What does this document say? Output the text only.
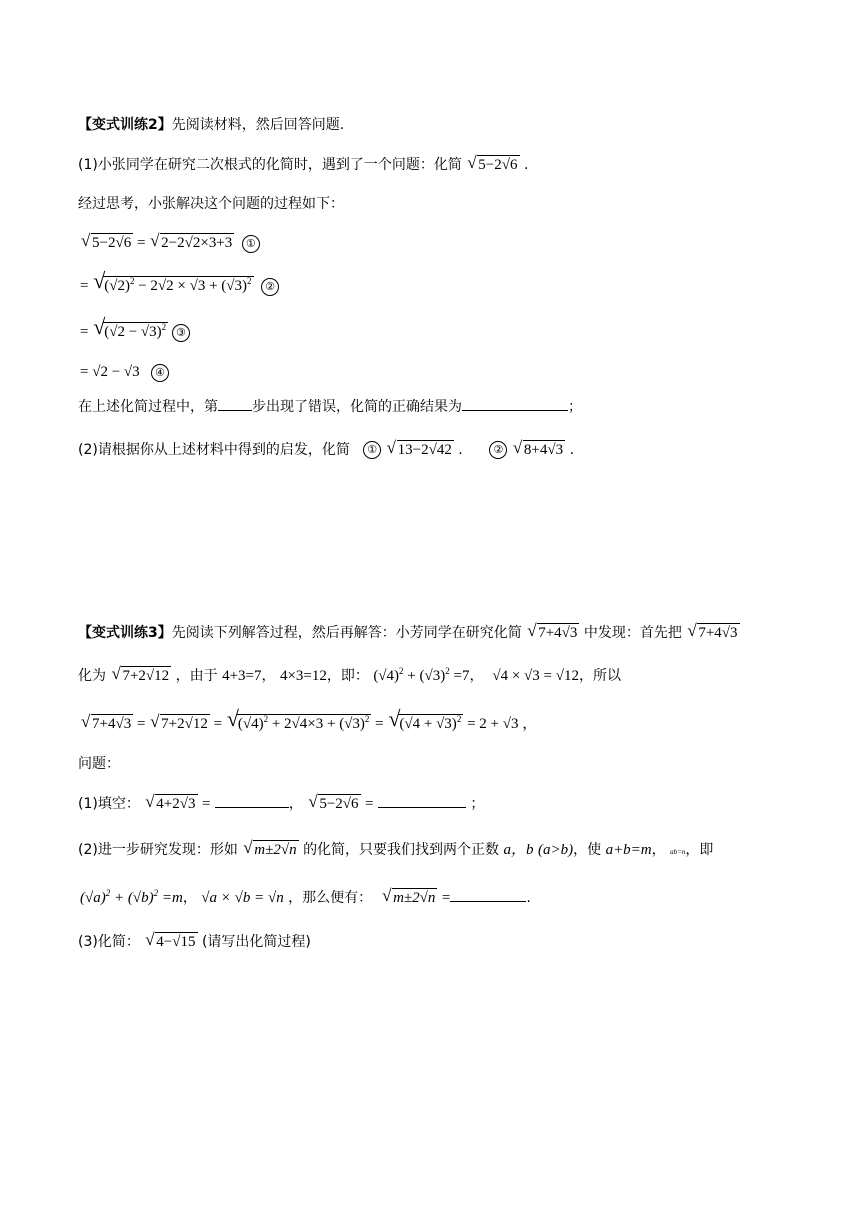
【变式训练2】先阅读材料，然后回答问题.
(1)小张同学在研究二次根式的化简时，遇到了一个问题：化简 √ 5−2√6 .
经过思考，小张解决这个问题的过程如下：
√ 5−2√6 = √ 2−2√2×3+3 ①
= √ $(√2)^2 - 2√2 \times √3 + (√3)^2$ ②
= √ $(√2 - √3)^2$ ③
= √2 − √3 ④
在上述化简过程中，第 步出现了错误，化简的正确结果为	；
(2)请根据你从上述材料中得到的启发，化简 ① √ 13−2√42 .      ② √ 8+4√3 .
【变式训练3】先阅读下列解答过程，然后再解答：小芳同学在研究化简 √ 7+4√3 中发现：首先把 √ 7+4√3
化为 √ 7+2√12 ，由于 4+3=7， 4×3=12，即： $(√4)^2 + (√3)^2 =7$，  √4 × √3 = √12，所以
√ 7+4√3 = √ 7+2√12 = √ $(√4)^2 + 2√4\times 3 + (√3)^2$ = √ $(√4 + √3)^2 = 2 + √3$ ，
问题：
(1)填空： √ 4+2√3 =	， √ 5−2√6 =	；
(2)进一步研究发现：形如 √ m±2√n 的化简，只要我们找到两个正数 a，b (a>b)，使 a+b=m， ab=n，即
$(√a)^2 + (√b)^2 =m$， √a × √b = √n ，那么便有： √ m±2√n =	.
(3)化简： √ 4−√15 (请写出化简过程)
